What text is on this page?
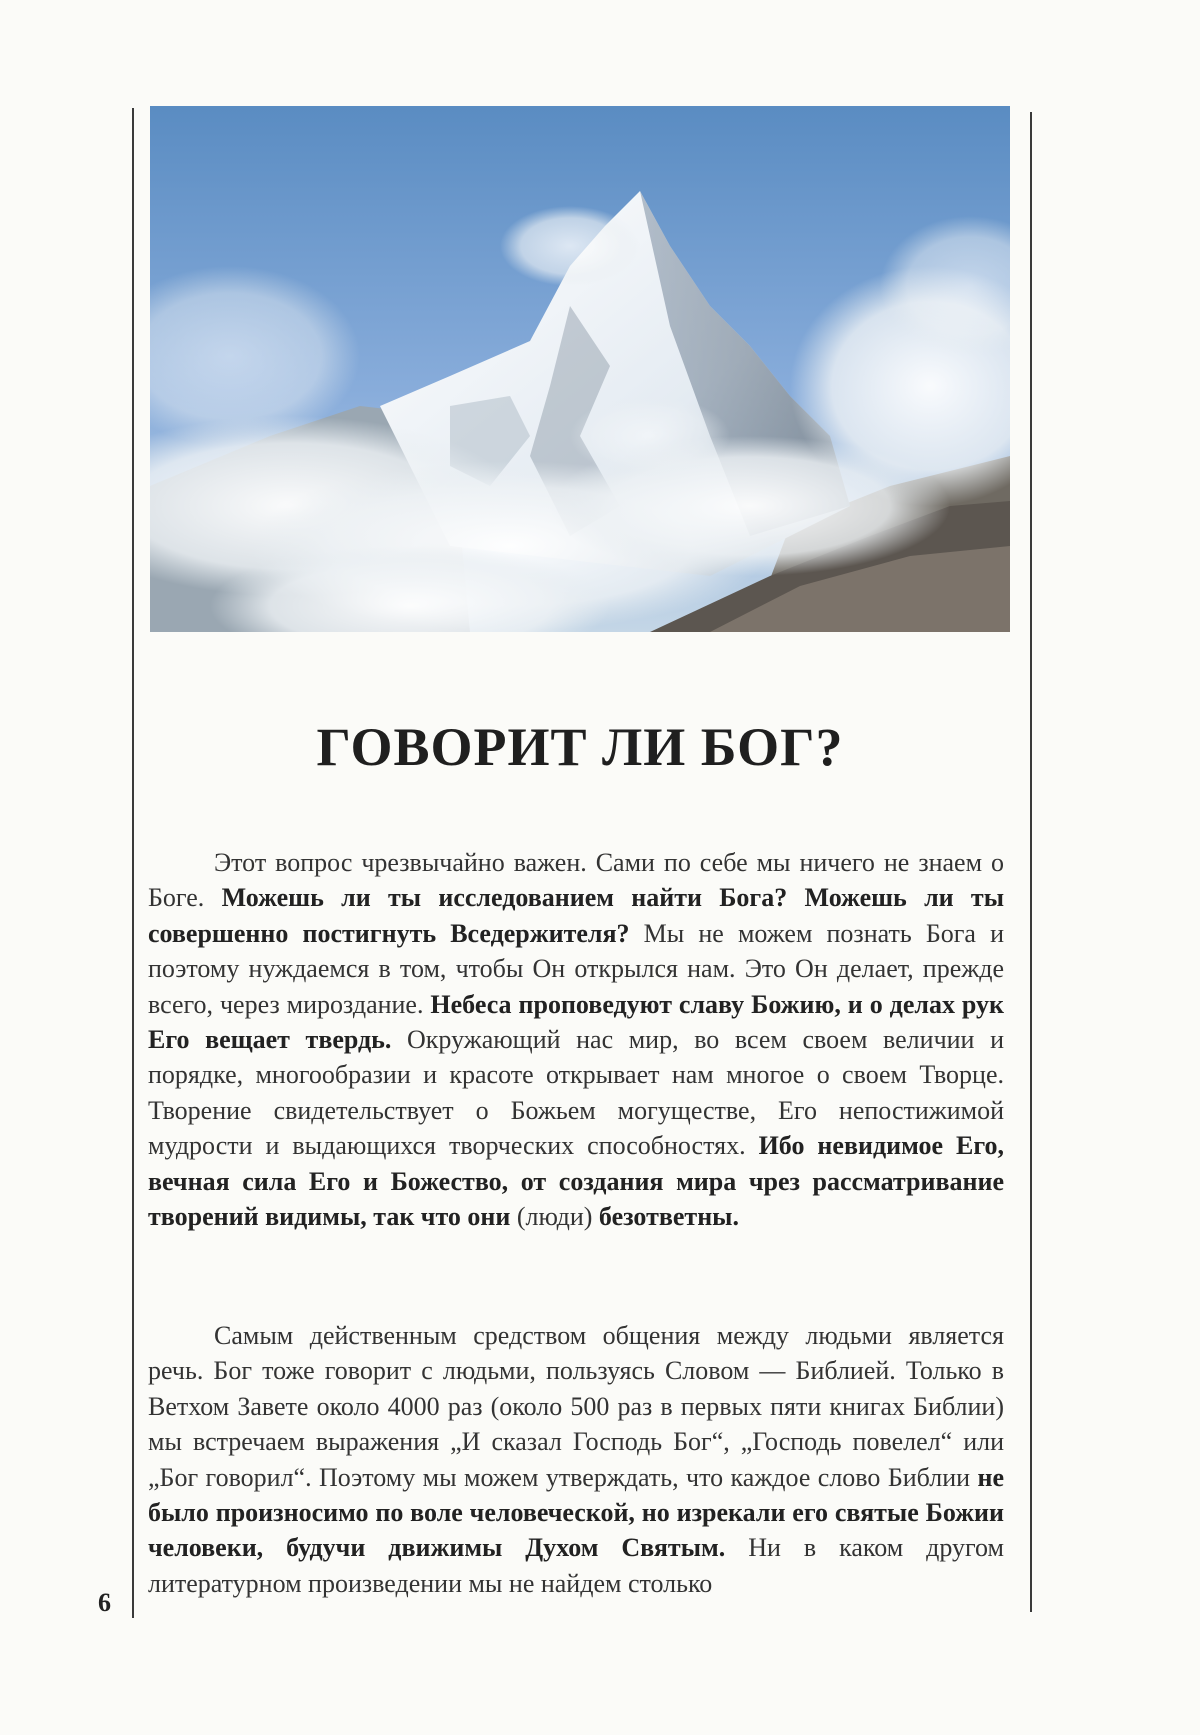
ГОВОРИТ ЛИ БОГ?

Этот вопрос чрезвычайно важен. Сами по себе мы ничего не знаем о Боге. Можешь ли ты исследованием найти Бога? Можешь ли ты совершенно постигнуть Вседержителя? Мы не можем познать Бога и поэтому нуждаемся в том, чтобы Он открылся нам. Это Он делает, прежде всего, через мироздание. Небеса проповедуют славу Божию, и о делах рук Его вещает твердь. Окружающий нас мир, во всем своем величии и порядке, многообразии и красоте открывает нам многое о своем Творце. Творение свидетельствует о Божьем могуществе, Его непостижимой мудрости и выдающихся творческих способностях. Ибо невидимое Его, вечная сила Его и Божество, от создания мира чрез рассматривание творений видимы, так что они (люди) безответны.

Самым действенным средством общения между людьми является речь. Бог тоже говорит с людьми, пользуясь Словом — Библией. Только в Ветхом Завете около 4000 раз (около 500 раз в первых пяти книгах Библии) мы встречаем выражения „И сказал Господь Бог“, „Господь повелел“ или „Бог говорил“. Поэтому мы можем утверждать, что каждое слово Библии не было произносимо по воле человеческой, но изрекали его святые Божии человеки, будучи движимы Духом Святым. Ни в каком другом литературном произведении мы не найдем столько

6
